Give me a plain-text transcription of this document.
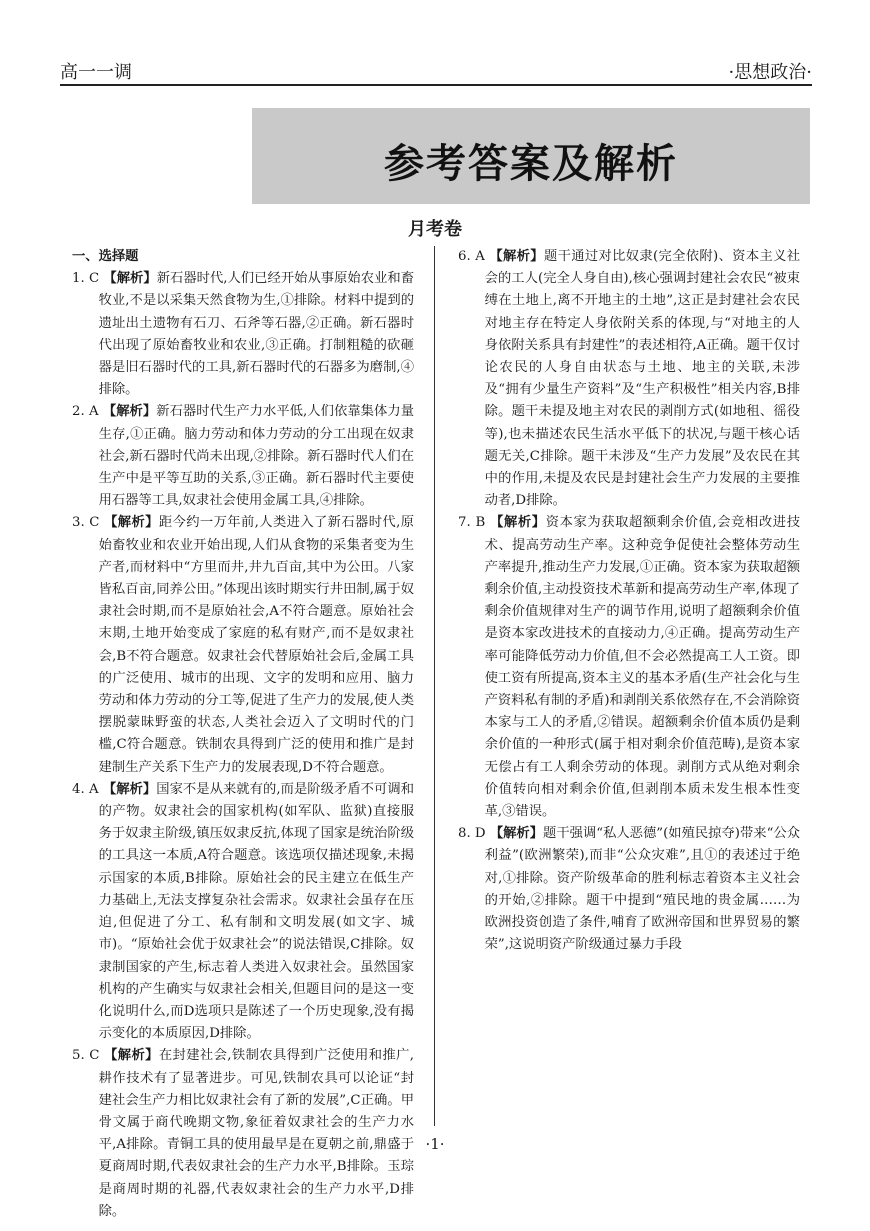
高一一调	·思想政治·
参考答案及解析
月考卷
一、选择题

1. C 【解析】新石器时代,人们已经开始从事原始农业和畜牧业,不是以采集天然食物为生,①排除。材料中提到的遗址出土遗物有石刀、石斧等石器,②正确。新石器时代出现了原始畜牧业和农业,③正确。打制粗糙的砍砸器是旧石器时代的工具,新石器时代的石器多为磨制,④排除。

2. A 【解析】新石器时代生产力水平低,人们依靠集体力量生存,①正确。脑力劳动和体力劳动的分工出现在奴隶社会,新石器时代尚未出现,②排除。新石器时代人们在生产中是平等互助的关系,③正确。新石器时代主要使用石器等工具,奴隶社会使用金属工具,④排除。

3. C 【解析】距今约一万年前,人类进入了新石器时代,原始畜牧业和农业开始出现,人们从食物的采集者变为生产者,而材料中“方里而井,井九百亩,其中为公田。八家皆私百亩,同养公田。”体现出该时期实行井田制,属于奴隶社会时期,而不是原始社会,A不符合题意。原始社会末期,土地开始变成了家庭的私有财产,而不是奴隶社会,B不符合题意。奴隶社会代替原始社会后,金属工具的广泛使用、城市的出现、文字的发明和应用、脑力劳动和体力劳动的分工等,促进了生产力的发展,使人类摆脱蒙昧野蛮的状态,人类社会迈入了文明时代的门槛,C符合题意。铁制农具得到广泛的使用和推广是封建制生产关系下生产力的发展表现,D不符合题意。

4. A 【解析】国家不是从来就有的,而是阶级矛盾不可调和的产物。奴隶社会的国家机构(如军队、监狱)直接服务于奴隶主阶级,镇压奴隶反抗,体现了国家是统治阶级的工具这一本质,A符合题意。该选项仅描述现象,未揭示国家的本质,B排除。原始社会的民主建立在低生产力基础上,无法支撑复杂社会需求。奴隶社会虽存在压迫,但促进了分工、私有制和文明发展(如文字、城市)。“原始社会优于奴隶社会”的说法错误,C排除。奴隶制国家的产生,标志着人类进入奴隶社会。虽然国家机构的产生确实与奴隶社会相关,但题目问的是这一变化说明什么,而D选项只是陈述了一个历史现象,没有揭示变化的本质原因,D排除。

5. C 【解析】在封建社会,铁制农具得到广泛使用和推广,耕作技术有了显著进步。可见,铁制农具可以论证“封建社会生产力相比奴隶社会有了新的发展”,C正确。甲骨文属于商代晚期文物,象征着奴隶社会的生产力水平,A排除。青铜工具的使用最早是在夏朝之前,鼎盛于夏商周时期,代表奴隶社会的生产力水平,B排除。玉琮是商周时期的礼器,代表奴隶社会的生产力水平,D排除。

6. A 【解析】题干通过对比奴隶(完全依附)、资本主义社会的工人(完全人身自由),核心强调封建社会农民“被束缚在土地上,离不开地主的土地”,这正是封建社会农民对地主存在特定人身依附关系的体现,与“对地主的人身依附关系具有封建性”的表述相符,A正确。题干仅讨论农民的人身自由状态与土地、地主的关联,未涉及“拥有少量生产资料”及“生产积极性”相关内容,B排除。题干未提及地主对农民的剥削方式(如地租、徭役等),也未描述农民生活水平低下的状况,与题干核心话题无关,C排除。题干未涉及“生产力发展”及农民在其中的作用,未提及农民是封建社会生产力发展的主要推动者,D排除。

7. B 【解析】资本家为获取超额剩余价值,会竞相改进技术、提高劳动生产率。这种竞争促使社会整体劳动生产率提升,推动生产力发展,①正确。资本家为获取超额剩余价值,主动投资技术革新和提高劳动生产率,体现了剩余价值规律对生产的调节作用,说明了超额剩余价值是资本家改进技术的直接动力,④正确。提高劳动生产率可能降低劳动力价值,但不会必然提高工人工资。即使工资有所提高,资本主义的基本矛盾(生产社会化与生产资料私有制的矛盾)和剥削关系依然存在,不会消除资本家与工人的矛盾,②错误。超额剩余价值本质仍是剩余价值的一种形式(属于相对剩余价值范畴),是资本家无偿占有工人剩余劳动的体现。剥削方式从绝对剩余价值转向相对剩余价值,但剥削本质未发生根本性变革,③错误。

8. D 【解析】题干强调“私人恶德”(如殖民掠夺)带来“公众利益”(欧洲繁荣),而非“公众灾难”,且①的表述过于绝对,①排除。资产阶级革命的胜利标志着资本主义社会的开始,②排除。题干中提到“殖民地的贵金属……为欧洲投资创造了条件,哺育了欧洲帝国和世界贸易的繁荣”,这说明资产阶级通过暴力手段

·1·
